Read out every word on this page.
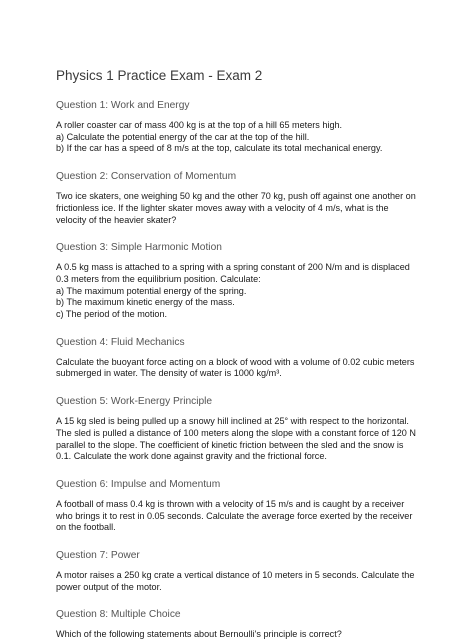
Physics 1 Practice Exam - Exam 2
Question 1: Work and Energy

A roller coaster car of mass 400 kg is at the top of a hill 65 meters high.
a) Calculate the potential energy of the car at the top of the hill.
b) If the car has a speed of 8 m/s at the top, calculate its total mechanical energy.

Question 2: Conservation of Momentum

Two ice skaters, one weighing 50 kg and the other 70 kg, push off against one another on frictionless ice. If the lighter skater moves away with a velocity of 4 m/s, what is the velocity of the heavier skater?

Question 3: Simple Harmonic Motion

A 0.5 kg mass is attached to a spring with a spring constant of 200 N/m and is displaced 0.3 meters from the equilibrium position. Calculate:
a) The maximum potential energy of the spring.
b) The maximum kinetic energy of the mass.
c) The period of the motion.

Question 4: Fluid Mechanics

Calculate the buoyant force acting on a block of wood with a volume of 0.02 cubic meters submerged in water. The density of water is 1000 kg/m³.

Question 5: Work-Energy Principle

A 15 kg sled is being pulled up a snowy hill inclined at 25° with respect to the horizontal. The sled is pulled a distance of 100 meters along the slope with a constant force of 120 N parallel to the slope. The coefficient of kinetic friction between the sled and the snow is 0.1. Calculate the work done against gravity and the frictional force.

Question 6: Impulse and Momentum

A football of mass 0.4 kg is thrown with a velocity of 15 m/s and is caught by a receiver who brings it to rest in 0.05 seconds. Calculate the average force exerted by the receiver on the football.

Question 7: Power

A motor raises a 250 kg crate a vertical distance of 10 meters in 5 seconds. Calculate the power output of the motor.

Question 8: Multiple Choice

Which of the following statements about Bernoulli's principle is correct?
